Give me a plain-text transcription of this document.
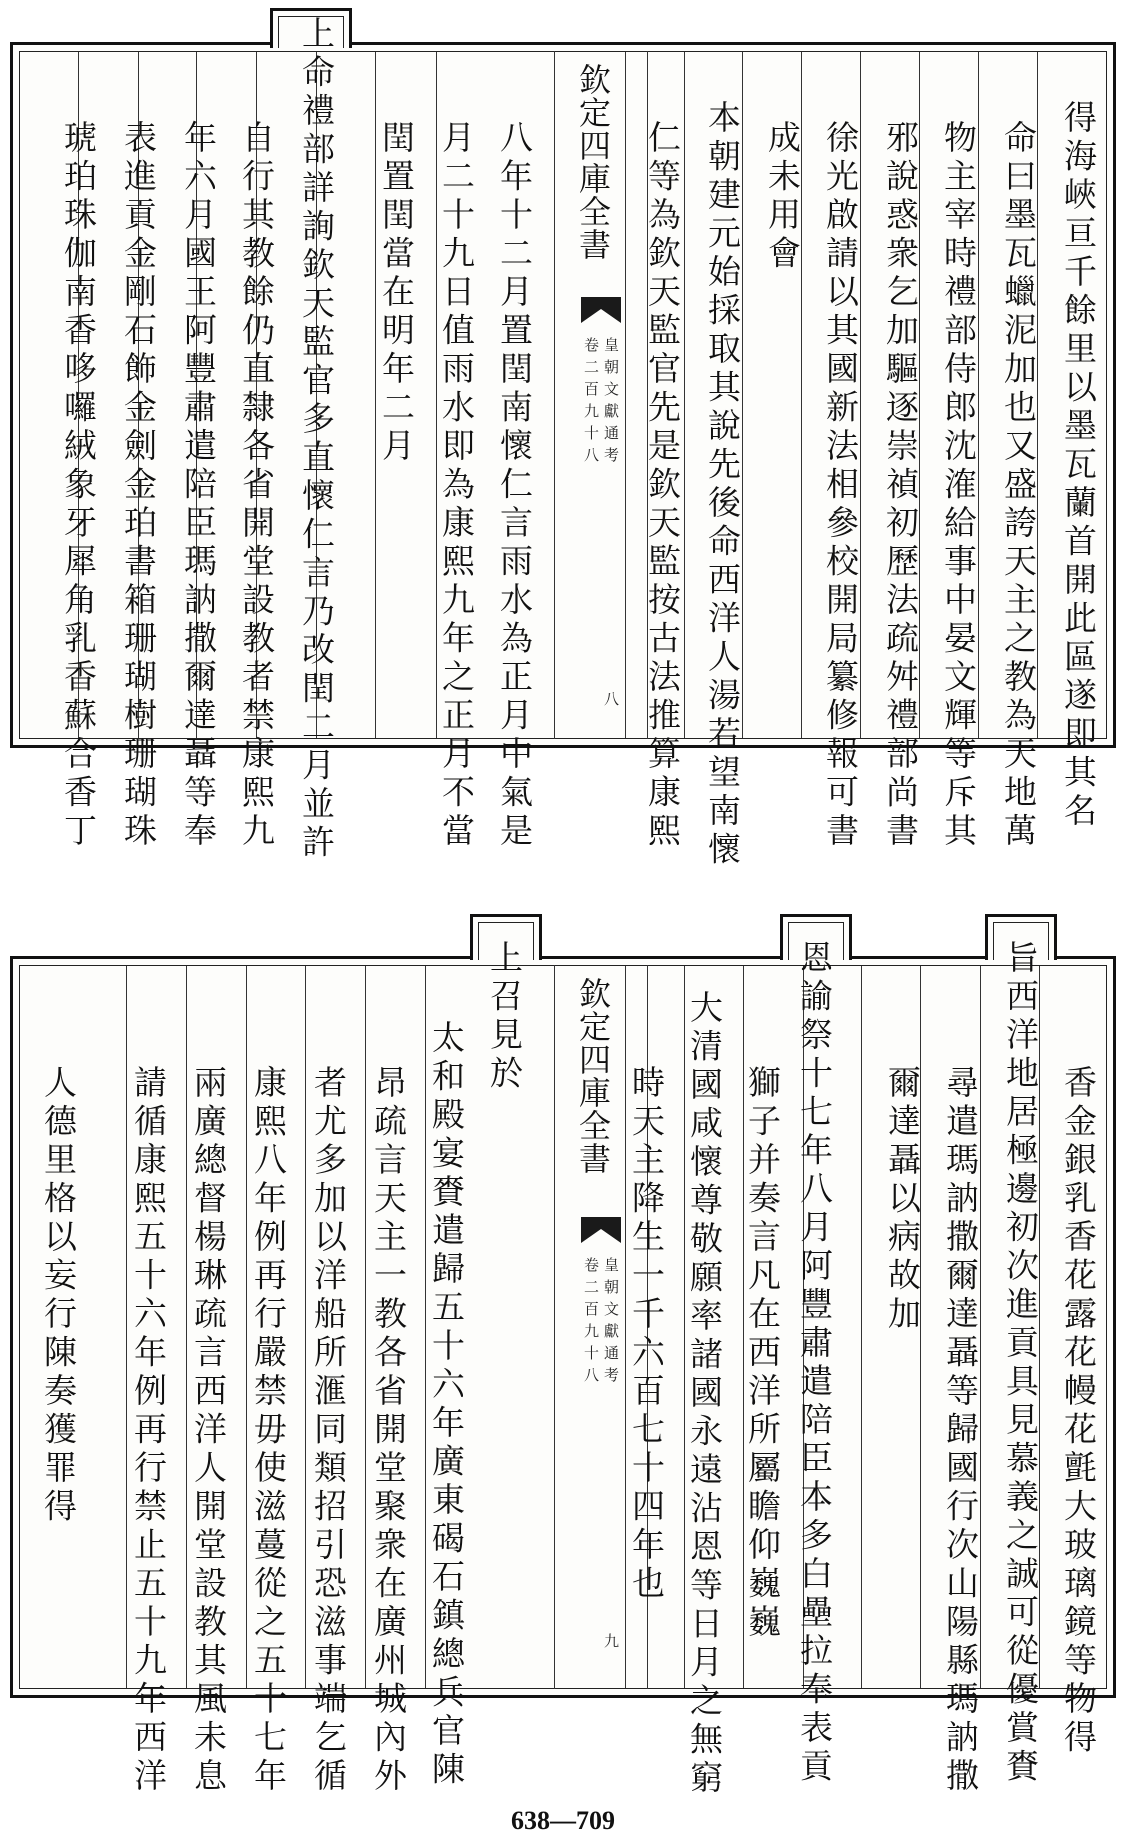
欽定四庫全書
皇朝文獻通考
卷二百九十八
八	得海峽亘千餘里以墨瓦蘭首開此區遂即其名
命曰墨瓦蠟泥加也又盛誇天主之教為天地萬
物主宰時禮部侍郎沈㴶給事中晏文輝等斥其
邪說惑衆乞加驅逐崇禎初歷法疏舛禮部尚書
徐光啟請以其國新法相參校開局纂修報可書
成未用會
本朝建元始採取其說先後命西洋人湯若望南懷
仁等為欽天監官先是欽天監按古法推算康熙
八年十二月置閏南懷仁言雨水為正月中氣是
月二十九日值雨水即為康熙九年之正月不當
閏置閏當在明年二月
上命禮部詳詢欽天監官多直懷仁言乃改閏二月並許
自行其教餘仍直隸各省開堂設教者禁康熙九
年六月國王阿豐肅遣陪臣瑪訥撒爾達聶等奉
表進貢金剛石飾金劍金珀書箱珊瑚樹珊瑚珠
琥珀珠伽南香哆囉絨象牙犀角乳香蘇合香丁
欽定四庫全書
皇朝文獻通考
卷二百九十八
九	香金銀乳香花露花幔花氈大玻璃鏡等物得
旨西洋地居極邊初次進貢具見慕義之誠可從優賞賚
尋遣瑪訥撒爾達聶等歸國行次山陽縣瑪訥撒
爾達聶以病故加
恩諭祭十七年八月阿豐肅遣陪臣本多白壘拉奉表貢
獅子并奏言凡在西洋所屬瞻仰巍巍
大清國咸懷尊敬願率諸國永遠沾恩等日月之無窮
時天主降生一千六百七十四年也
上召見於
太和殿宴賚遣歸五十六年廣東碣石鎮總兵官陳
昂疏言天主一教各省開堂聚衆在廣州城內外
者尤多加以洋船所滙同類招引恐滋事端乞循
康熙八年例再行嚴禁毋使滋蔓從之五十七年
兩廣總督楊琳疏言西洋人開堂設教其風未息
請循康熙五十六年例再行禁止五十九年西洋
人德里格以妄行陳奏獲罪得
638—709
